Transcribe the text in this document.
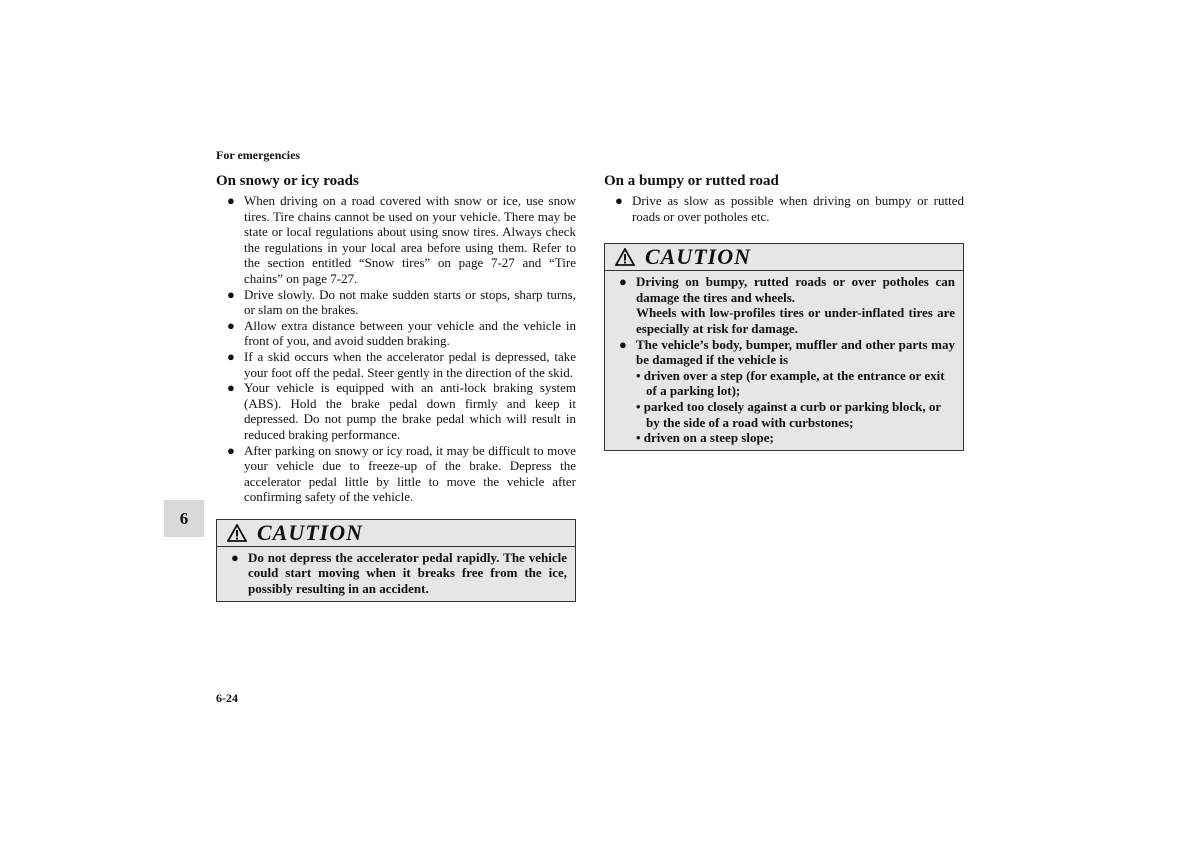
For emergencies
On snowy or icy roads
● When driving on a road covered with snow or ice, use snow tires. Tire chains cannot be used on your vehicle. There may be state or local regulations about using snow tires. Always check the regulations in your local area before using them. Refer to the section entitled “Snow tires” on page 7-27 and “Tire chains” on page 7-27.
● Drive slowly. Do not make sudden starts or stops, sharp turns, or slam on the brakes.
● Allow extra distance between your vehicle and the vehicle in front of you, and avoid sudden braking.
● If a skid occurs when the accelerator pedal is depressed, take your foot off the pedal. Steer gently in the direction of the skid.
● Your vehicle is equipped with an anti-lock braking system (ABS). Hold the brake pedal down firmly and keep it depressed. Do not pump the brake pedal which will result in reduced braking performance.
● After parking on snowy or icy road, it may be difficult to move your vehicle due to freeze-up of the brake. Depress the accelerator pedal little by little to move the vehicle after confirming safety of the vehicle.
CAUTION
● Do not depress the accelerator pedal rapidly. The vehicle could start moving when it breaks free from the ice, possibly resulting in an accident.
On a bumpy or rutted road
● Drive as slow as possible when driving on bumpy or rutted roads or over potholes etc.
CAUTION
● Driving on bumpy, rutted roads or over potholes can damage the tires and wheels.
Wheels with low-profiles tires or under-inflated tires are especially at risk for damage.
● The vehicle’s body, bumper, muffler and other parts may be damaged if the vehicle is
• driven over a step (for example, at the entrance or exit of a parking lot);
• parked too closely against a curb or parking block, or by the side of a road with curbstones;
• driven on a steep slope;
6
6-24
